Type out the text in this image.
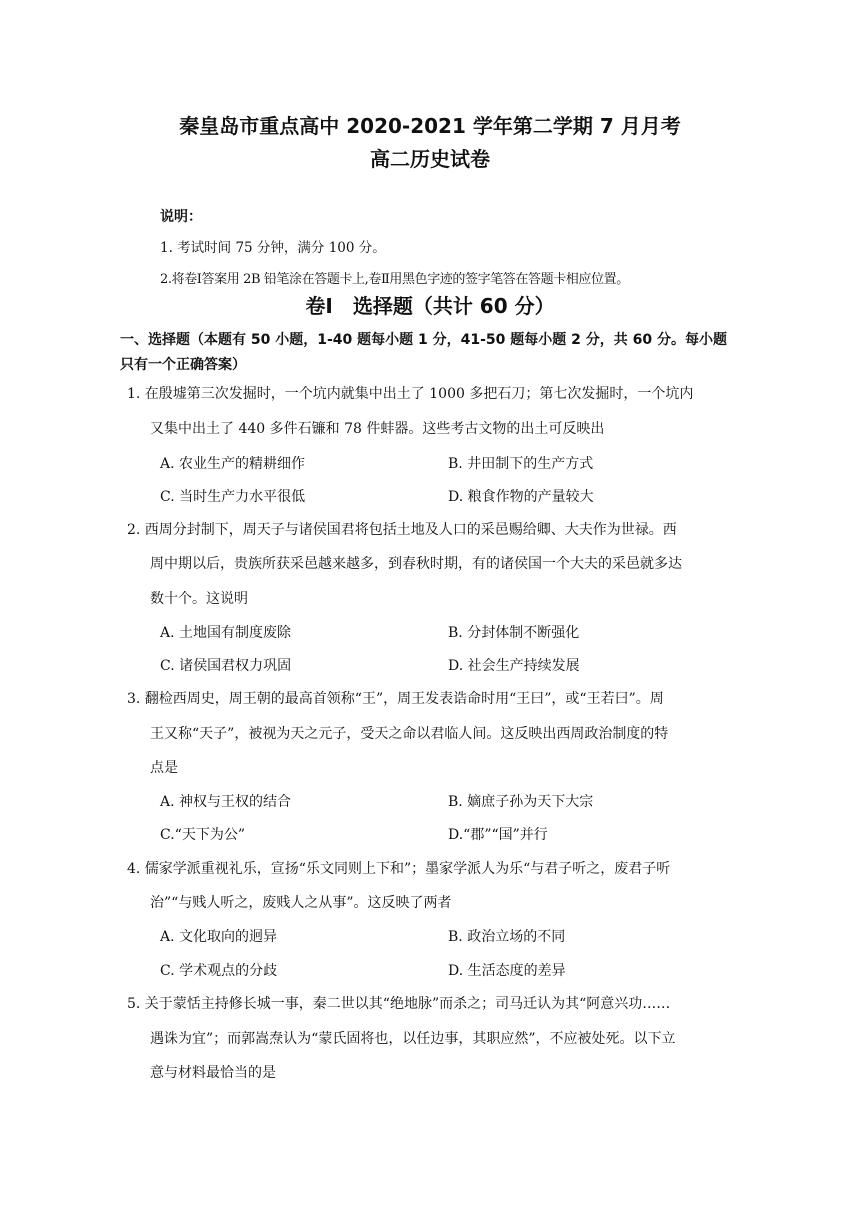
秦皇岛市重点高中 2020-2021 学年第二学期 7 月月考
高二历史试卷
说明：
1. 考试时间 75 分钟，满分 100 分。
2.将卷Ⅰ答案用 2B 铅笔涂在答题卡上,卷Ⅱ用黑色字迹的签字笔答在答题卡相应位置。
卷Ⅰ　选择题（共计 60 分）
一、选择题（本题有 50 小题，1-40 题每小题 1 分，41-50 题每小题 2 分，共 60 分。每小题只有一个正确答案）
1. 在殷墟第三次发掘时，一个坑内就集中出土了 1000 多把石刀；第七次发掘时，一个坑内
又集中出土了 440 多件石镰和 78 件蚌器。这些考古文物的出土可反映出
A. 农业生产的精耕细作	B. 井田制下的生产方式
C. 当时生产力水平很低	D. 粮食作物的产量较大
2. 西周分封制下，周天子与诸侯国君将包括土地及人口的采邑赐给卿、大夫作为世禄。西
周中期以后，贵族所获采邑越来越多，到春秋时期，有的诸侯国一个大夫的采邑就多达
数十个。这说明
A. 土地国有制度废除	B. 分封体制不断强化
C. 诸侯国君权力巩固	D. 社会生产持续发展
3. 翻检西周史，周王朝的最高首领称“王”，周王发表诰命时用“王曰”，或“王若曰”。周
王又称“天子”，被视为天之元子，受天之命以君临人间。这反映出西周政治制度的特
点是
A. 神权与王权的结合	B. 嫡庶子孙为天下大宗
C.“天下为公”	D.“郡”“国”并行
4. 儒家学派重视礼乐，宣扬“乐文同则上下和”；墨家学派人为乐“与君子听之，废君子听
治”“与贱人听之，废贱人之从事”。这反映了两者
A. 文化取向的迥异	B. 政治立场的不同
C. 学术观点的分歧	D. 生活态度的差异
5. 关于蒙恬主持修长城一事，秦二世以其“绝地脉”而杀之；司马迁认为其“阿意兴功……
遇诛为宜”；而郭嵩焘认为“蒙氏固将也，以任边事，其职应然”，不应被处死。以下立
意与材料最恰当的是
